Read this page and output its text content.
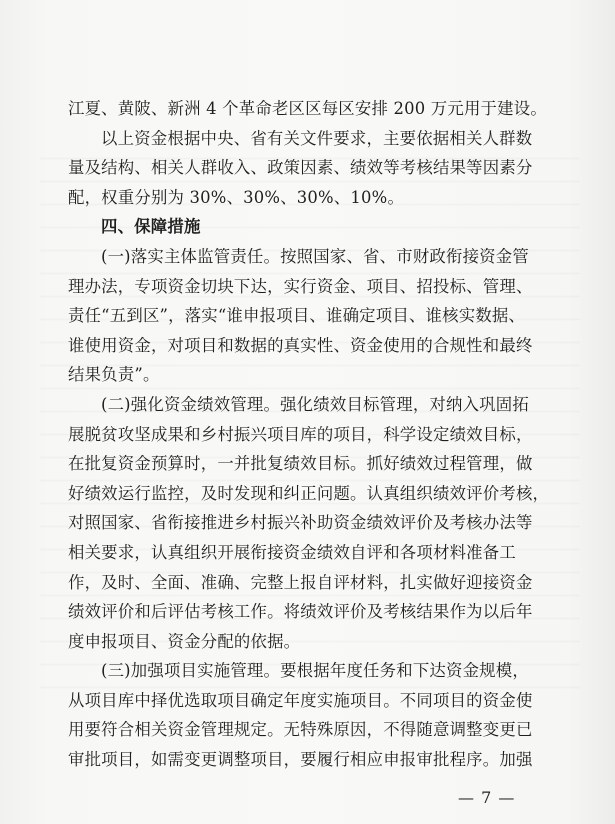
江夏、黄陂、新洲 4 个革命老区区每区安排 200 万元用于建设。
以上资金根据中央、省有关文件要求，主要依据相关人群数
量及结构、相关人群收入、政策因素、绩效等考核结果等因素分
配，权重分别为 30%、30%、30%、10%。
四、保障措施
(一)落实主体监管责任。按照国家、省、市财政衔接资金管
理办法，专项资金切块下达，实行资金、项目、招投标、管理、
责任“五到区”，落实“谁申报项目、谁确定项目、谁核实数据、
谁使用资金，对项目和数据的真实性、资金使用的合规性和最终
结果负责”。
(二)强化资金绩效管理。强化绩效目标管理，对纳入巩固拓
展脱贫攻坚成果和乡村振兴项目库的项目，科学设定绩效目标，
在批复资金预算时，一并批复绩效目标。抓好绩效过程管理，做
好绩效运行监控，及时发现和纠正问题。认真组织绩效评价考核，
对照国家、省衔接推进乡村振兴补助资金绩效评价及考核办法等
相关要求，认真组织开展衔接资金绩效自评和各项材料准备工
作，及时、全面、准确、完整上报自评材料，扎实做好迎接资金
绩效评价和后评估考核工作。将绩效评价及考核结果作为以后年
度申报项目、资金分配的依据。
(三)加强项目实施管理。要根据年度任务和下达资金规模，
从项目库中择优选取项目确定年度实施项目。不同项目的资金使
用要符合相关资金管理规定。无特殊原因，不得随意调整变更已
审批项目，如需变更调整项目，要履行相应申报审批程序。加强
— 7 —
